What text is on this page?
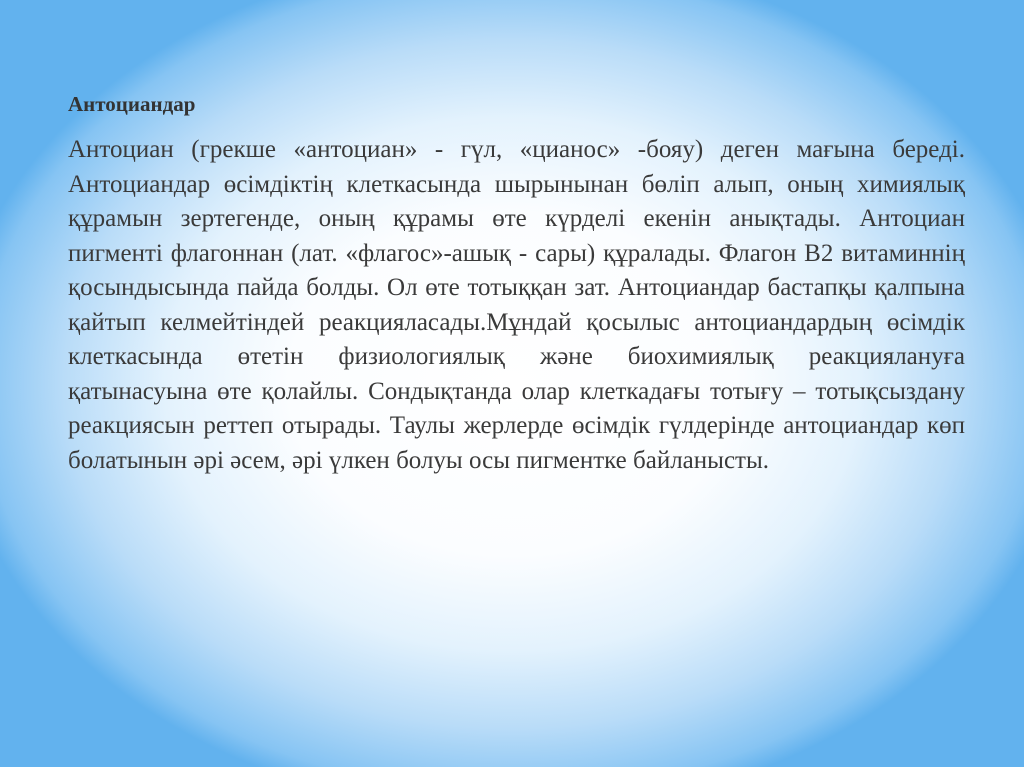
Антоциандар

Антоциан (грекше «антоциан» - гүл, «цианос» -бояу) деген мағына береді. Антоциандар өсімдіктің клеткасында шырынынан бөліп алып, оның химиялық құрамын зертегенде, оның құрамы өте күрделі екенін анықтады. Антоциан пигменті флагоннан (лат. «флагос»-ашық - сары) құралады. Флагон В2 витаминнің қосындысында пайда болды. Ол өте тотыққан зат. Антоциандар бастапқы қалпына қайтып келмейтіндей реакцияласады.Мұндай қосылыс антоциандардың өсімдік клеткасында өтетін физиологиялық және биохимиялық реакциялануға қатынасуына өте қолайлы. Сондықтанда олар клеткадағы тотығу – тотықсыздану реакциясын реттеп отырады. Таулы жерлерде өсімдік гүлдерінде антоциандар көп болатынын әрі әсем, әрі үлкен болуы осы пигментке байланысты.
